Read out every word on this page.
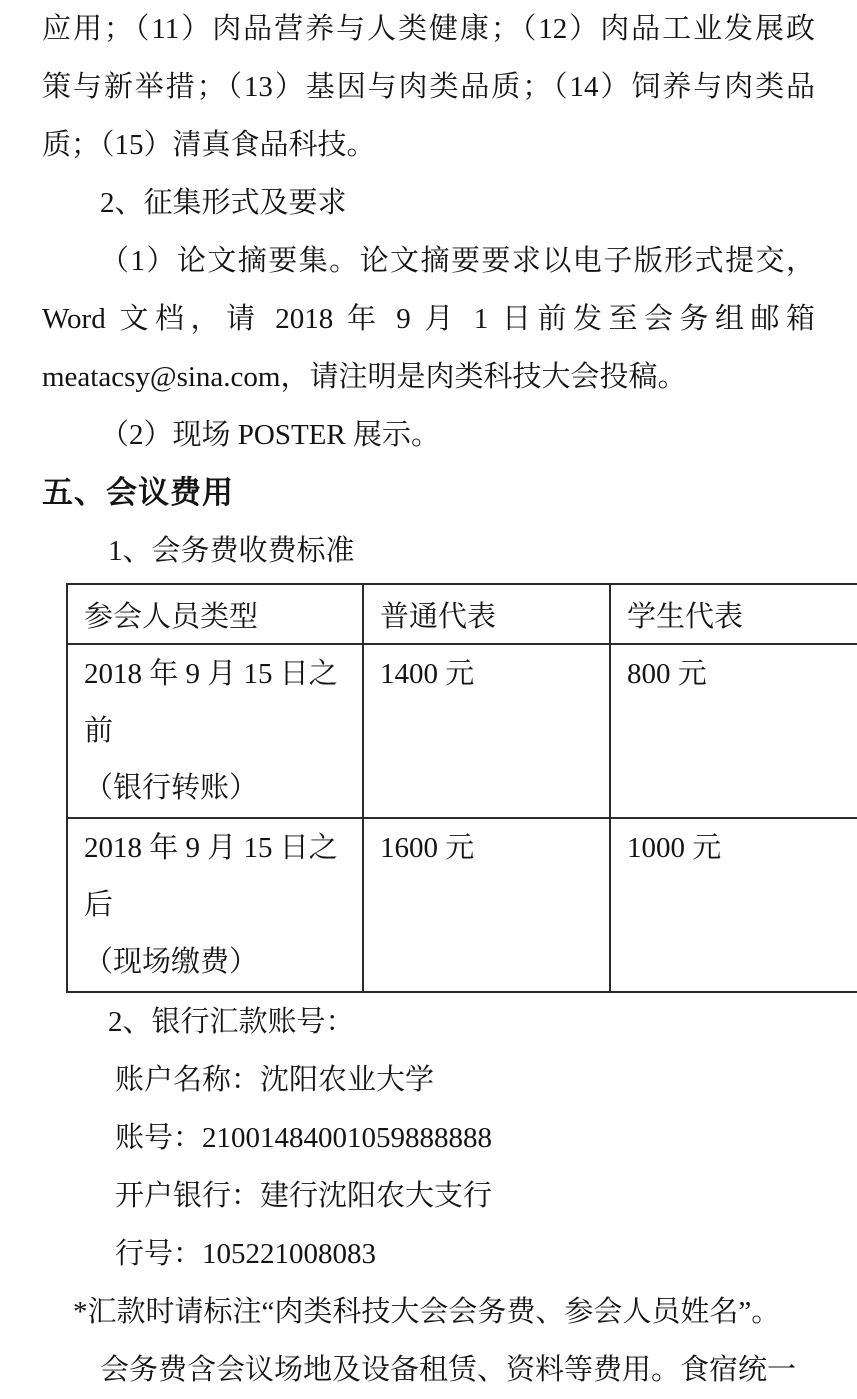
应用；（11）肉品营养与人类健康；（12）肉品工业发展政
策与新举措；（13）基因与肉类品质；（14）饲养与肉类品
质；（15）清真食品科技。
2、征集形式及要求
（1）论文摘要集。论文摘要要求以电子版形式提交，
Word 文档，请 2018 年 9 月 1 日前发至会务组邮箱
meatacsy@sina.com，请注明是肉类科技大会投稿。
（2）现场 POSTER 展示。
五、会议费用
1、会务费收费标准
参会人员类型	普通代表	学生代表
2018 年 9 月 15 日之前
（银行转账）	1400 元	800 元
2018 年 9 月 15 日之后
（现场缴费）	1600 元	1000 元
2、银行汇款账号：
账户名称：沈阳农业大学
账号：21001484001059888888
开户银行：建行沈阳农大支行
行号：105221008083
*汇款时请标注“肉类科技大会会务费、参会人员姓名”。
会务费含会议场地及设备租赁、资料等费用。食宿统一
